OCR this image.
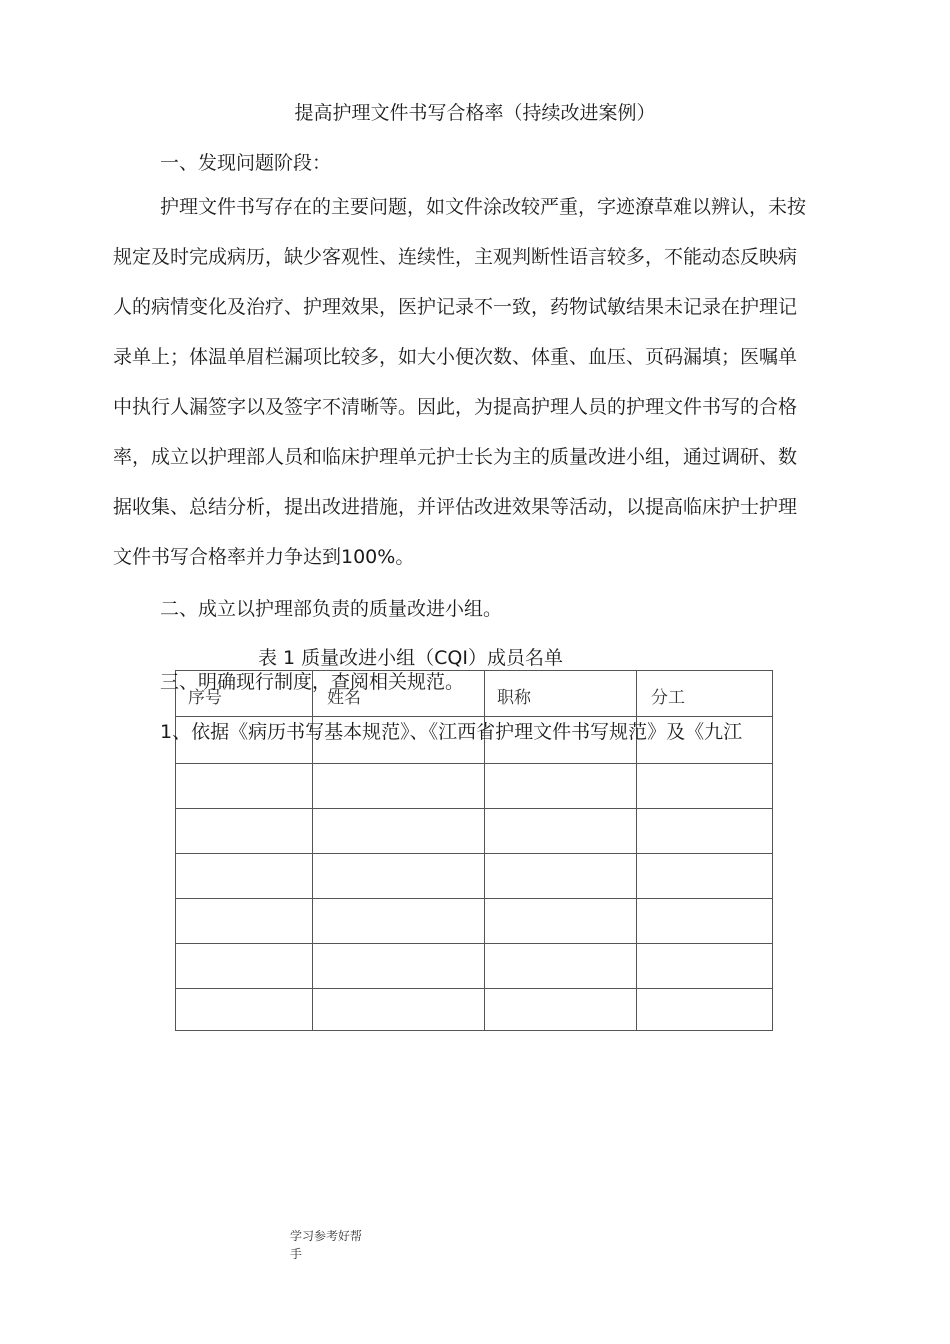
提高护理文件书写合格率（持续改进案例）
一、发现问题阶段：
护理文件书写存在的主要问题，如文件涂改较严重，字迹潦草难以辨认，未按
规定及时完成病历，缺少客观性、连续性，主观判断性语言较多，不能动态反映病
人的病情变化及治疗、护理效果，医护记录不一致，药物试敏结果未记录在护理记
录单上；体温单眉栏漏项比较多，如大小便次数、体重、血压、页码漏填；医嘱单
中执行人漏签字以及签字不清晰等。因此，为提高护理人员的护理文件书写的合格
率，成立以护理部人员和临床护理单元护士长为主的质量改进小组，通过调研、数
据收集、总结分析，提出改进措施，并评估改进效果等活动，以提高临床护士护理
文件书写合格率并力争达到100%。
二、成立以护理部负责的质量改进小组。
表 1 质量改进小组（CQI）成员名单
序号	姓名	职称	分工

三、明确现行制度，查阅相关规范。
1、依据《病历书写基本规范》、《江西省护理文件书写规范》及《九江
学习参考好帮
手
